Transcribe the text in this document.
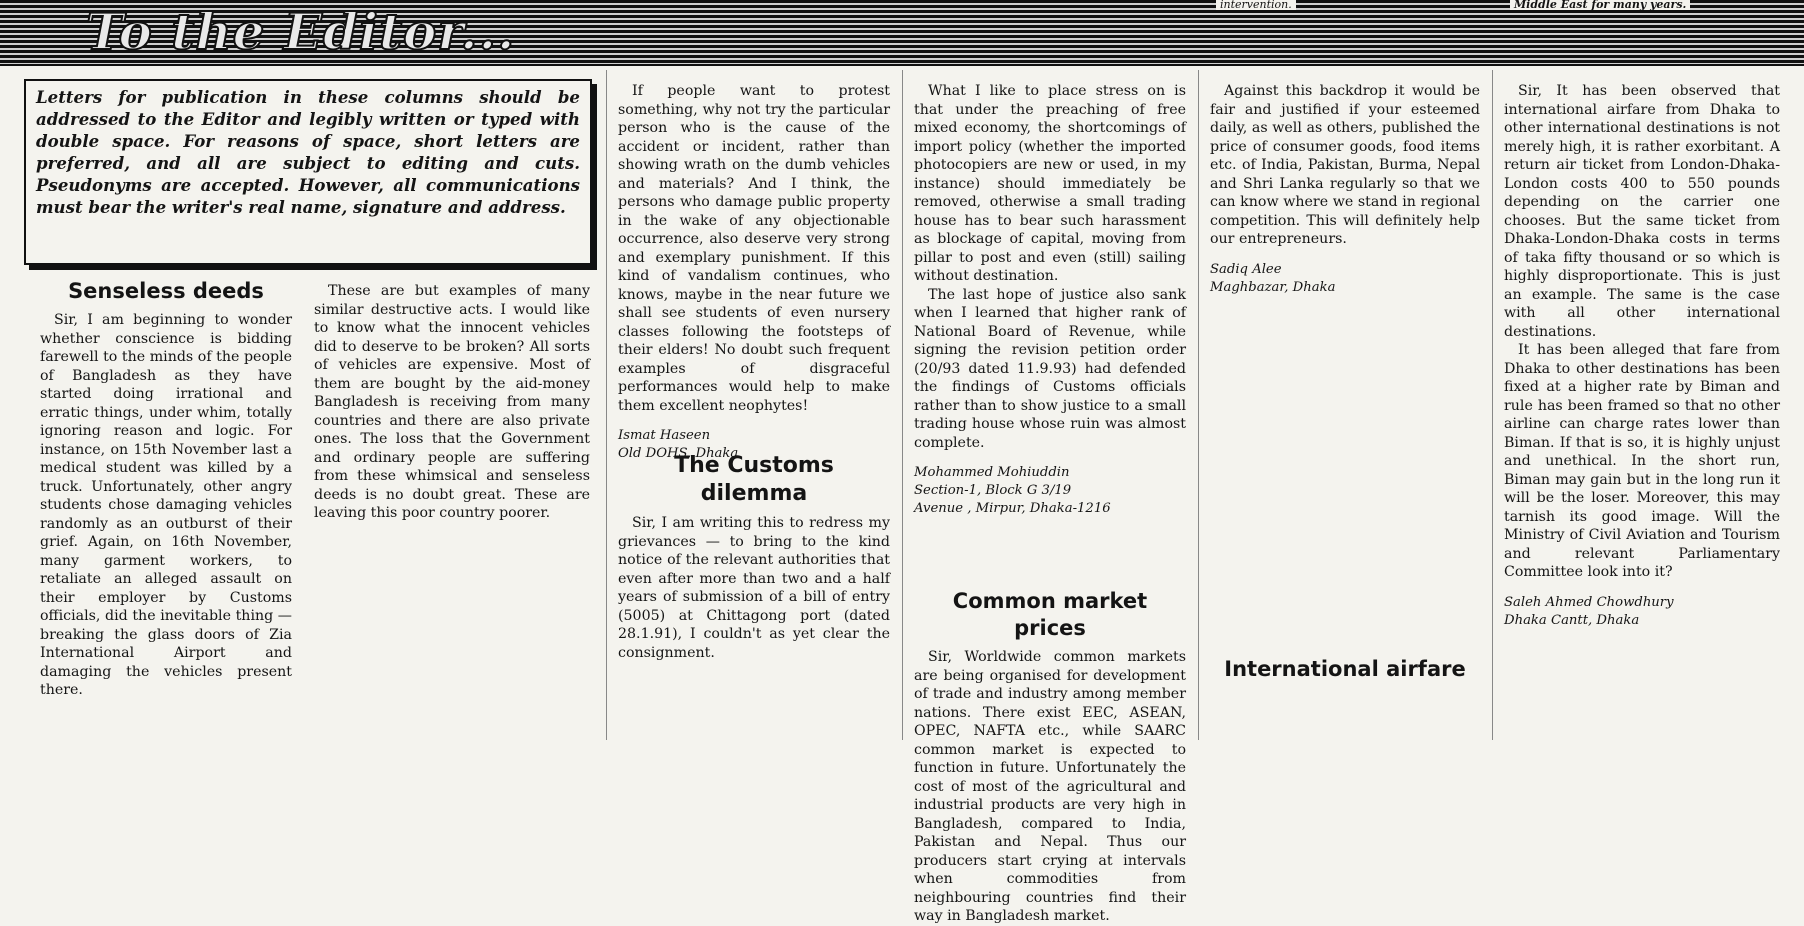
intervention.	Middle East for many years.
To the Editor...

Letters for publication in these columns should be addressed to the Editor and legibly written or typed with double space. For reasons of space, short letters are preferred, and all are subject to editing and cuts. Pseudonyms are accepted. However, all communications must bear the writer's real name, signature and address.

Senseless deeds

Sir, I am beginning to wonder whether conscience is bidding farewell to the minds of the people of Bangladesh as they have started doing irrational and erratic things, under whim, totally ignoring reason and logic. For instance, on 15th November last a medical student was killed by a truck. Unfortunately, other angry students chose damaging vehicles randomly as an outburst of their grief. Again, on 16th November, many garment workers, to retaliate an alleged assault on their employer by Customs officials, did the inevitable thing — breaking the glass doors of Zia International Airport and damaging the vehicles present there.

These are but examples of many similar destructive acts. I would like to know what the innocent vehicles did to deserve to be broken? All sorts of vehicles are expensive. Most of them are bought by the aid-money Bangladesh is receiving from many countries and there are also private ones. The loss that the Government and ordinary people are suffering from these whimsical and senseless deeds is no doubt great. These are leaving this poor country poorer.

If people want to protest something, why not try the particular person who is the cause of the accident or incident, rather than showing wrath on the dumb vehicles and materials? And I think, the persons who damage public property in the wake of any objectionable occurrence, also deserve very strong and exemplary punishment. If this kind of vandalism continues, who knows, maybe in the near future we shall see students of even nursery classes following the footsteps of their elders! No doubt such frequent examples of disgraceful performances would help to make them excellent neophytes!

Ismat Haseen
Old DOHS, Dhaka
The Customs dilemma

Sir, I am writing this to redress my grievances — to bring to the kind notice of the relevant authorities that even after more than two and a half years of submission of a bill of entry (5005) at Chittagong port (dated 28.1.91), I couldn't as yet clear the consignment.

What I like to place stress on is that under the preaching of free mixed economy, the shortcomings of import policy (whether the imported photocopiers are new or used, in my instance) should immediately be removed, otherwise a small trading house has to bear such harassment as blockage of capital, moving from pillar to post and even (still) sailing without destination.

The last hope of justice also sank when I learned that higher rank of National Board of Revenue, while signing the revision petition order (20/93 dated 11.9.93) had defended the findings of Customs officials rather than to show justice to a small trading house whose ruin was almost complete.

Mohammed Mohiuddin
Section-1, Block G 3/19
Avenue , Mirpur, Dhaka-1216
Common market prices

Sir, Worldwide common markets are being organised for development of trade and industry among member nations. There exist EEC, ASEAN, OPEC, NAFTA etc., while SAARC common market is expected to function in future. Unfortunately the cost of most of the agricultural and industrial products are very high in Bangladesh, compared to India, Pakistan and Nepal. Thus our producers start crying at intervals when commodities from neighbouring countries find their way in Bangladesh market.

Against this backdrop it would be fair and justified if your esteemed daily, as well as others, published the price of consumer goods, food items etc. of India, Pakistan, Burma, Nepal and Shri Lanka regularly so that we can know where we stand in regional competition. This will definitely help our entrepreneurs.

Sadiq Alee
Maghbazar, Dhaka
International airfare

Sir, It has been observed that international airfare from Dhaka to other international destinations is not merely high, it is rather exorbitant. A return air ticket from London-Dhaka-London costs 400 to 550 pounds depending on the carrier one chooses. But the same ticket from Dhaka-London-Dhaka costs in terms of taka fifty thousand or so which is highly disproportionate. This is just an example. The same is the case with all other international destinations.

It has been alleged that fare from Dhaka to other destinations has been fixed at a higher rate by Biman and rule has been framed so that no other airline can charge rates lower than Biman. If that is so, it is highly unjust and unethical. In the short run, Biman may gain but in the long run it will be the loser. Moreover, this may tarnish its good image. Will the Ministry of Civil Aviation and Tourism and relevant Parliamentary Committee look into it?

Saleh Ahmed Chowdhury
Dhaka Cantt, Dhaka
